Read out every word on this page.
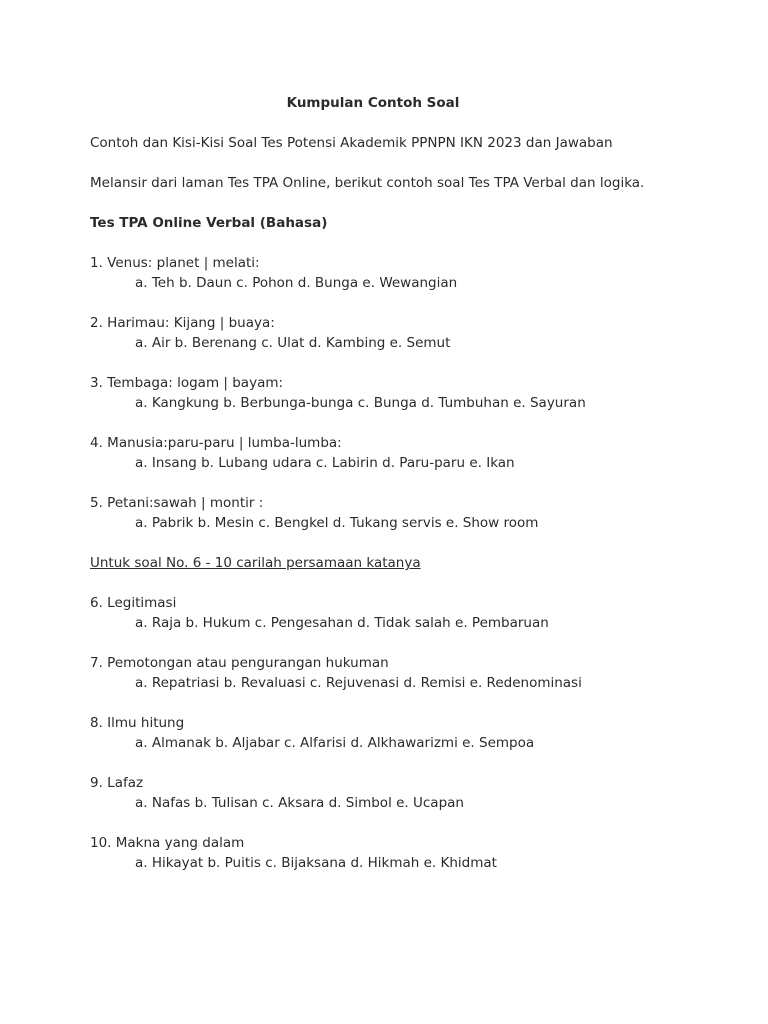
Kumpulan Contoh Soal
Contoh dan Kisi-Kisi Soal Tes Potensi Akademik PPNPN IKN 2023 dan Jawaban
Melansir dari laman Tes TPA Online, berikut contoh soal Tes TPA Verbal dan logika.
Tes TPA Online Verbal (Bahasa)
1. Venus: planet | melati:
a. Teh b. Daun c. Pohon d. Bunga e. Wewangian
2. Harimau: Kijang | buaya:
a. Air b. Berenang c. Ulat d. Kambing e. Semut
3. Tembaga: logam | bayam:
a. Kangkung b. Berbunga-bunga c. Bunga d. Tumbuhan e. Sayuran
4. Manusia:paru-paru | lumba-lumba:
a. Insang b. Lubang udara c. Labirin d. Paru-paru e. Ikan
5. Petani:sawah | montir :
a. Pabrik b. Mesin c. Bengkel d. Tukang servis e. Show room
Untuk soal No. 6 - 10 carilah persamaan katanya
6. Legitimasi
a. Raja b. Hukum c. Pengesahan d. Tidak salah e. Pembaruan
7. Pemotongan atau pengurangan hukuman
a. Repatriasi b. Revaluasi c. Rejuvenasi d. Remisi e. Redenominasi
8. Ilmu hitung
a. Almanak b. Aljabar c. Alfarisi d. Alkhawarizmi e. Sempoa
9. Lafaz
a. Nafas b. Tulisan c. Aksara d. Simbol e. Ucapan
10. Makna yang dalam
a. Hikayat b. Puitis c. Bijaksana d. Hikmah e. Khidmat
